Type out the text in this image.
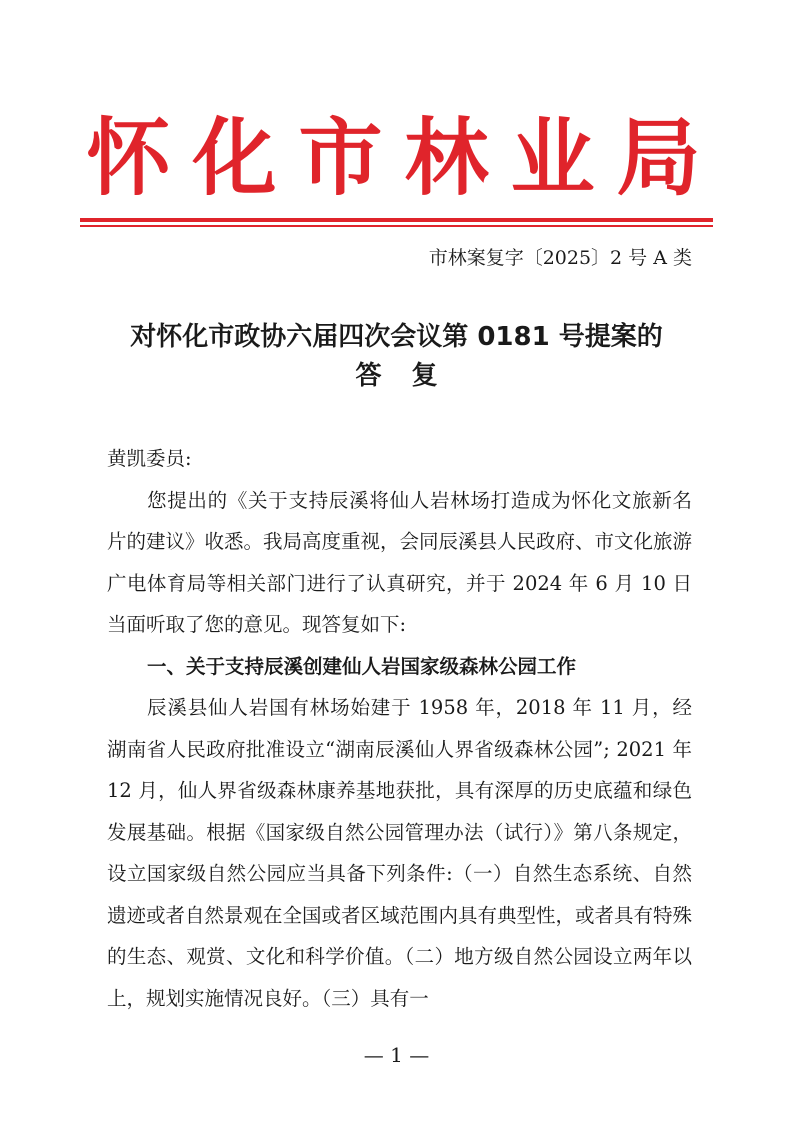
怀化市林业局
市林案复字〔2025〕2 号 A 类
对怀化市政协六届四次会议第 0181 号提案的
答复

黄凯委员:

您提出的《关于支持辰溪将仙人岩林场打造成为怀化文旅新名片的建议》收悉。我局高度重视，会同辰溪县人民政府、市文化旅游广电体育局等相关部门进行了认真研究，并于 2024 年 6 月 10 日当面听取了您的意见。现答复如下:

一、关于支持辰溪创建仙人岩国家级森林公园工作

辰溪县仙人岩国有林场始建于 1958 年，2018 年 11 月，经湖南省人民政府批准设立“湖南辰溪仙人界省级森林公园”; 2021 年 12 月，仙人界省级森林康养基地获批，具有深厚的历史底蕴和绿色发展基础。根据《国家级自然公园管理办法（试行）》第八条规定，设立国家级自然公园应当具备下列条件:（一）自然生态系统、自然遗迹或者自然景观在全国或者区域范围内具有典型性，或者具有特殊的生态、观赏、文化和科学价值。（二）地方级自然公园设立两年以上，规划实施情况良好。（三）具有一

— 1 —
